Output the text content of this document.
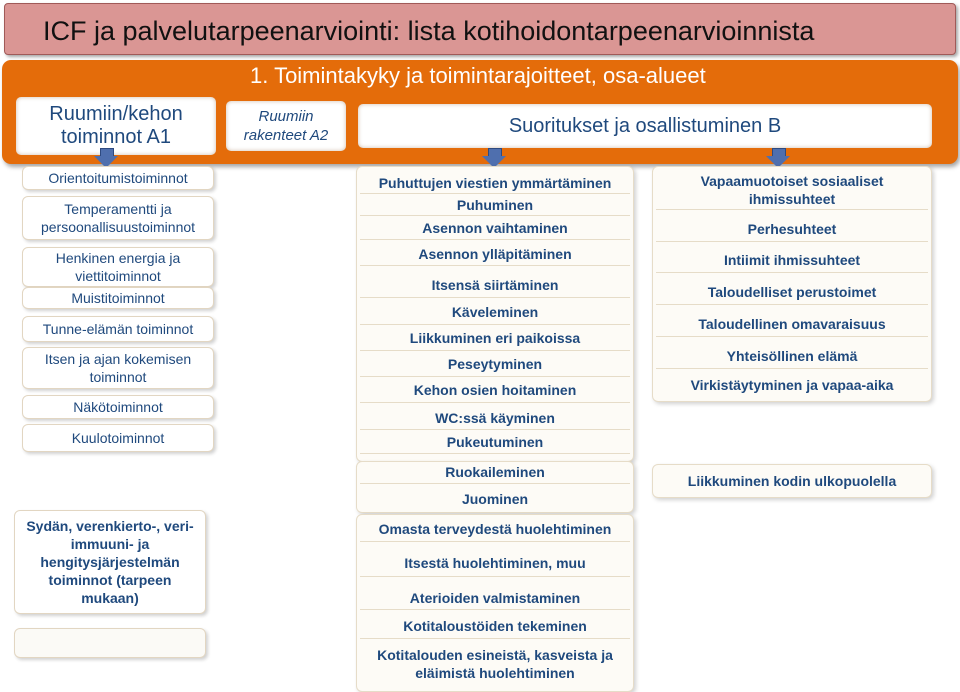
ICF ja palvelutarpeenarviointi: lista kotihoidontarpeenarvioinnista
1. Toimintakyky ja toimintarajoitteet, osa-alueet
Ruumiin/kehon toiminnot A1
Ruumiin rakenteet A2	Suoritukset ja osallistuminen B
Orientoitumistoiminnot
Temperamentti ja persoonallisuustoiminnot
Henkinen energia ja viettitoiminnot
Muistitoiminnot
Tunne-elämän toiminnot
Itsen ja ajan kokemisen toiminnot
Näkötoiminnot
Kuulotoiminnot
Sydän, verenkierto-, veri-immuuni- ja hengitysjärjestelmän toiminnot (tarpeen mukaan)
Puhuttujen viestien ymmärtäminen
Puhuminen
Asennon vaihtaminen
Asennon ylläpitäminen
Itsensä siirtäminen
Käveleminen
Liikkuminen eri paikoissa
Peseytyminen
Kehon osien hoitaminen
WC:ssä käyminen
Pukeutuminen
Ruokaileminen
Juominen
Omasta terveydestä huolehtiminen
Itsestä huolehtiminen, muu
Aterioiden valmistaminen
Kotitaloustöiden tekeminen
Kotitalouden esineistä, kasveista ja eläimistä huolehtiminen
Vapaamuotoiset sosiaaliset ihmissuhteet
Perhesuhteet
Intiimit ihmissuhteet
Taloudelliset perustoimet
Taloudellinen omavaraisuus
Yhteisöllinen elämä
Virkistäytyminen ja vapaa-aika
Liikkuminen kodin ulkopuolella
